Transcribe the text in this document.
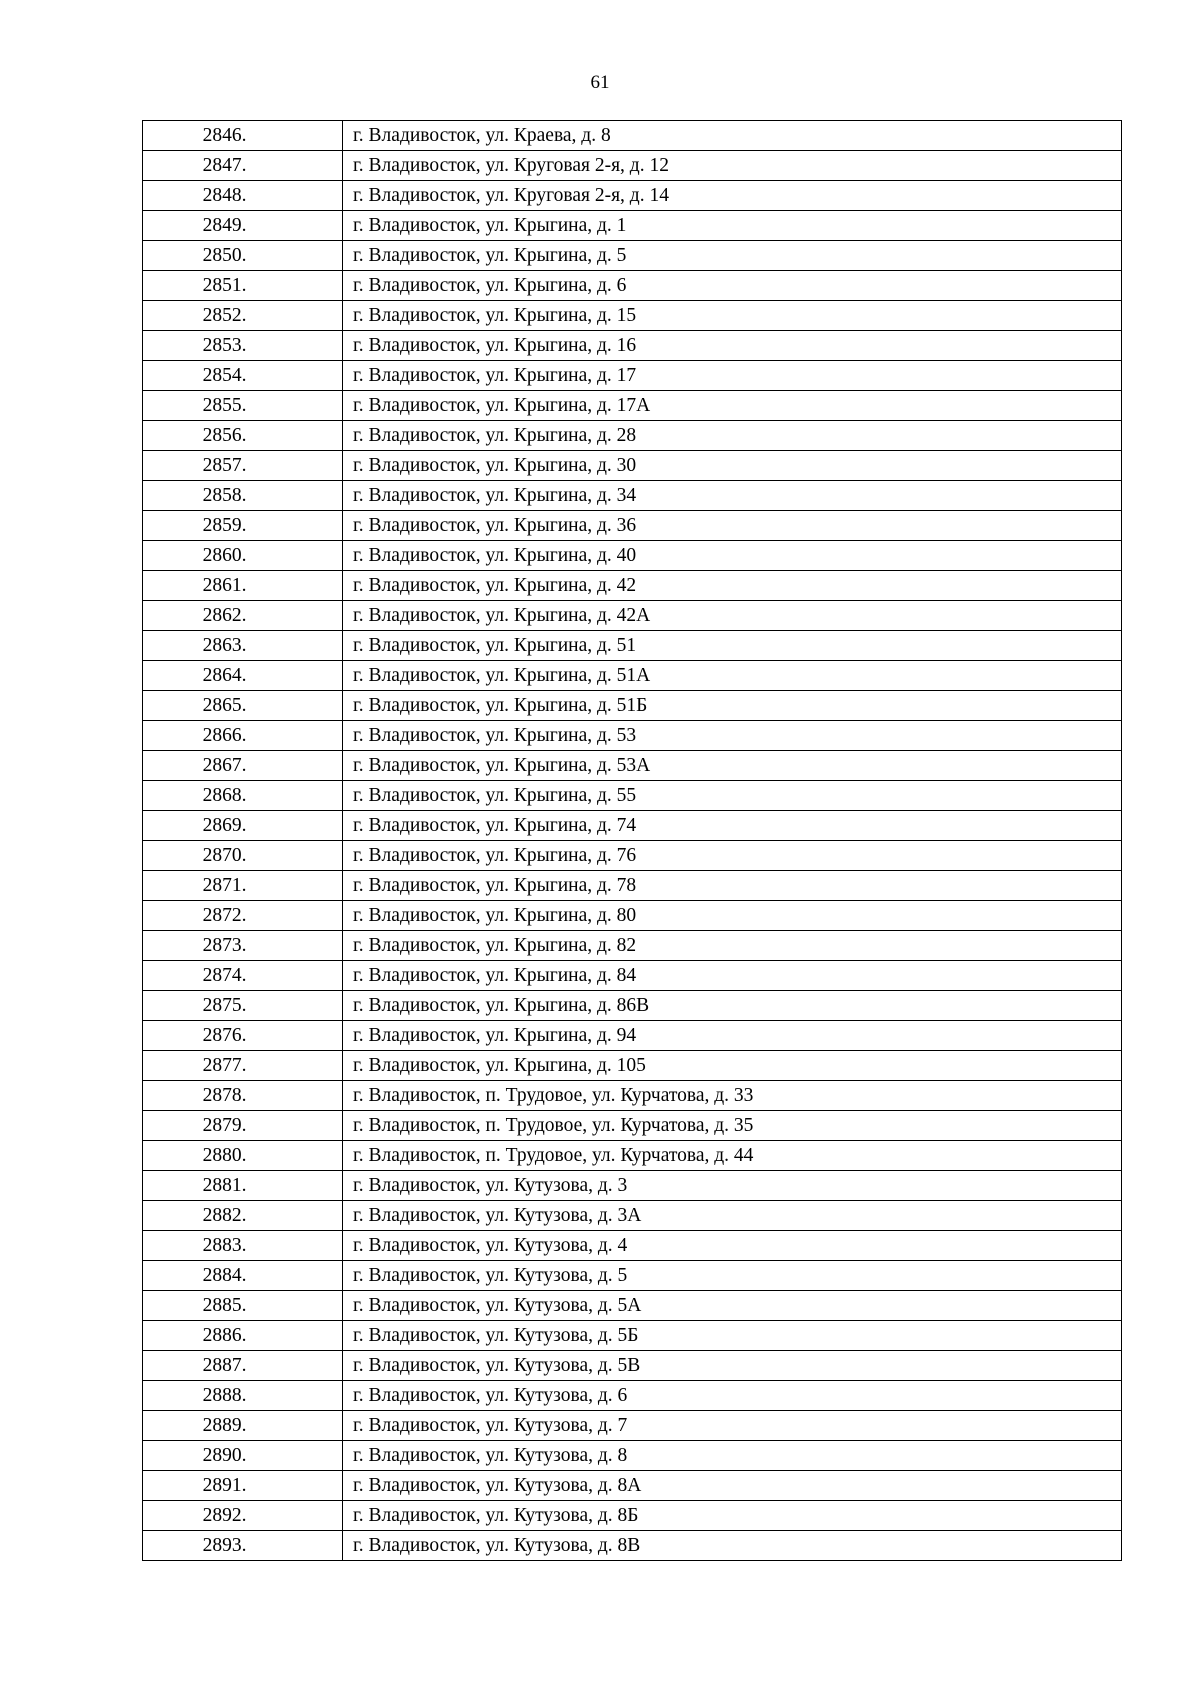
61
2846.	г. Владивосток, ул. Краева, д. 8
2847.	г. Владивосток, ул. Круговая 2-я, д. 12
2848.	г. Владивосток, ул. Круговая 2-я, д. 14
2849.	г. Владивосток, ул. Крыгина, д. 1
2850.	г. Владивосток, ул. Крыгина, д. 5
2851.	г. Владивосток, ул. Крыгина, д. 6
2852.	г. Владивосток, ул. Крыгина, д. 15
2853.	г. Владивосток, ул. Крыгина, д. 16
2854.	г. Владивосток, ул. Крыгина, д. 17
2855.	г. Владивосток, ул. Крыгина, д. 17А
2856.	г. Владивосток, ул. Крыгина, д. 28
2857.	г. Владивосток, ул. Крыгина, д. 30
2858.	г. Владивосток, ул. Крыгина, д. 34
2859.	г. Владивосток, ул. Крыгина, д. 36
2860.	г. Владивосток, ул. Крыгина, д. 40
2861.	г. Владивосток, ул. Крыгина, д. 42
2862.	г. Владивосток, ул. Крыгина, д. 42А
2863.	г. Владивосток, ул. Крыгина, д. 51
2864.	г. Владивосток, ул. Крыгина, д. 51А
2865.	г. Владивосток, ул. Крыгина, д. 51Б
2866.	г. Владивосток, ул. Крыгина, д. 53
2867.	г. Владивосток, ул. Крыгина, д. 53А
2868.	г. Владивосток, ул. Крыгина, д. 55
2869.	г. Владивосток, ул. Крыгина, д. 74
2870.	г. Владивосток, ул. Крыгина, д. 76
2871.	г. Владивосток, ул. Крыгина, д. 78
2872.	г. Владивосток, ул. Крыгина, д. 80
2873.	г. Владивосток, ул. Крыгина, д. 82
2874.	г. Владивосток, ул. Крыгина, д. 84
2875.	г. Владивосток, ул. Крыгина, д. 86В
2876.	г. Владивосток, ул. Крыгина, д. 94
2877.	г. Владивосток, ул. Крыгина, д. 105
2878.	г. Владивосток, п. Трудовое, ул. Курчатова, д. 33
2879.	г. Владивосток, п. Трудовое, ул. Курчатова, д. 35
2880.	г. Владивосток, п. Трудовое, ул. Курчатова, д. 44
2881.	г. Владивосток, ул. Кутузова, д. 3
2882.	г. Владивосток, ул. Кутузова, д. 3А
2883.	г. Владивосток, ул. Кутузова, д. 4
2884.	г. Владивосток, ул. Кутузова, д. 5
2885.	г. Владивосток, ул. Кутузова, д. 5А
2886.	г. Владивосток, ул. Кутузова, д. 5Б
2887.	г. Владивосток, ул. Кутузова, д. 5В
2888.	г. Владивосток, ул. Кутузова, д. 6
2889.	г. Владивосток, ул. Кутузова, д. 7
2890.	г. Владивосток, ул. Кутузова, д. 8
2891.	г. Владивосток, ул. Кутузова, д. 8А
2892.	г. Владивосток, ул. Кутузова, д. 8Б
2893.	г. Владивосток, ул. Кутузова, д. 8В
